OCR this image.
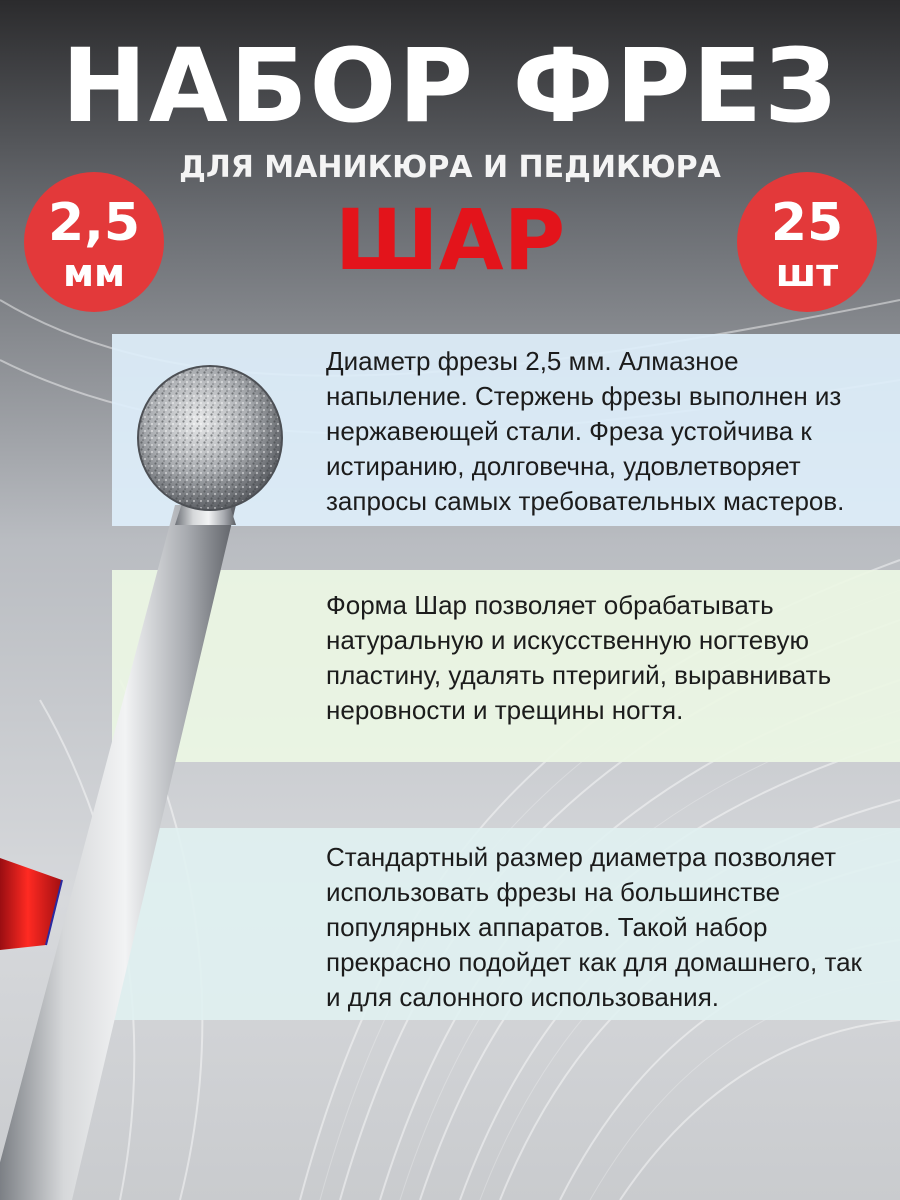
Диаметр фрезы 2,5 мм. Алмазное напыление. Стержень фрезы выполнен из нержавеющей стали. Фреза устойчива к истиранию, долговечна, удовлетворяет запросы самых требовательных мастеров.

Форма Шар позволяет обрабатывать натуральную и искусственную ногтевую пластину, удалять птеригий, выравнивать неровности и трещины ногтя.

Стандартный размер диаметра позволяет использовать фрезы на большинстве популярных аппаратов. Такой набор прекрасно подойдет как для домашнего, так и для салонного использования.

НАБОР ФРЕЗ
ДЛЯ МАНИКЮРА И ПЕДИКЮРА
ШАР
2,5
мм
25
шт
